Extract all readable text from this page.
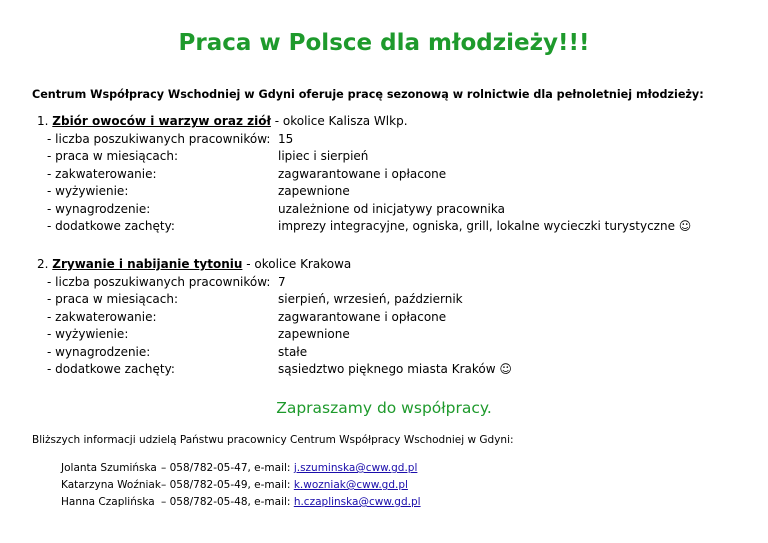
Praca w Polsce dla młodzieży!!!
Centrum Współpracy Wschodniej w Gdyni oferuje pracę sezonową w rolnictwie dla pełnoletniej młodzieży:
1. Zbiór owoców i warzyw oraz ziół - okolice Kalisza Wlkp.
- liczba poszukiwanych pracowników: 15
- praca w miesiącach:	lipiec i sierpień
- zakwaterowanie:	zagwarantowane i opłacone
- wyżywienie:	zapewnione
- wynagrodzenie:	uzależnione od inicjatywy pracownika
- dodatkowe zachęty:	imprezy integracyjne, ogniska, grill, lokalne wycieczki turystyczne ☺
2. Zrywanie i nabijanie tytoniu - okolice Krakowa
- liczba poszukiwanych pracowników: 7
- praca w miesiącach:	sierpień, wrzesień, październik
- zakwaterowanie:	zagwarantowane i opłacone
- wyżywienie:	zapewnione
- wynagrodzenie:	stałe
- dodatkowe zachęty:	sąsiedztwo pięknego miasta Kraków ☺
Zapraszamy do współpracy.
Bliższych informacji udzielą Państwu pracownicy Centrum Współpracy Wschodniej w Gdyni:
Jolanta Szumińska – 058/782-05-47, e-mail: j.szuminska@cww.gd.pl
Katarzyna Woźniak – 058/782-05-49, e-mail: k.wozniak@cww.gd.pl
Hanna Czaplińska – 058/782-05-48, e-mail: h.czaplinska@cww.gd.pl
